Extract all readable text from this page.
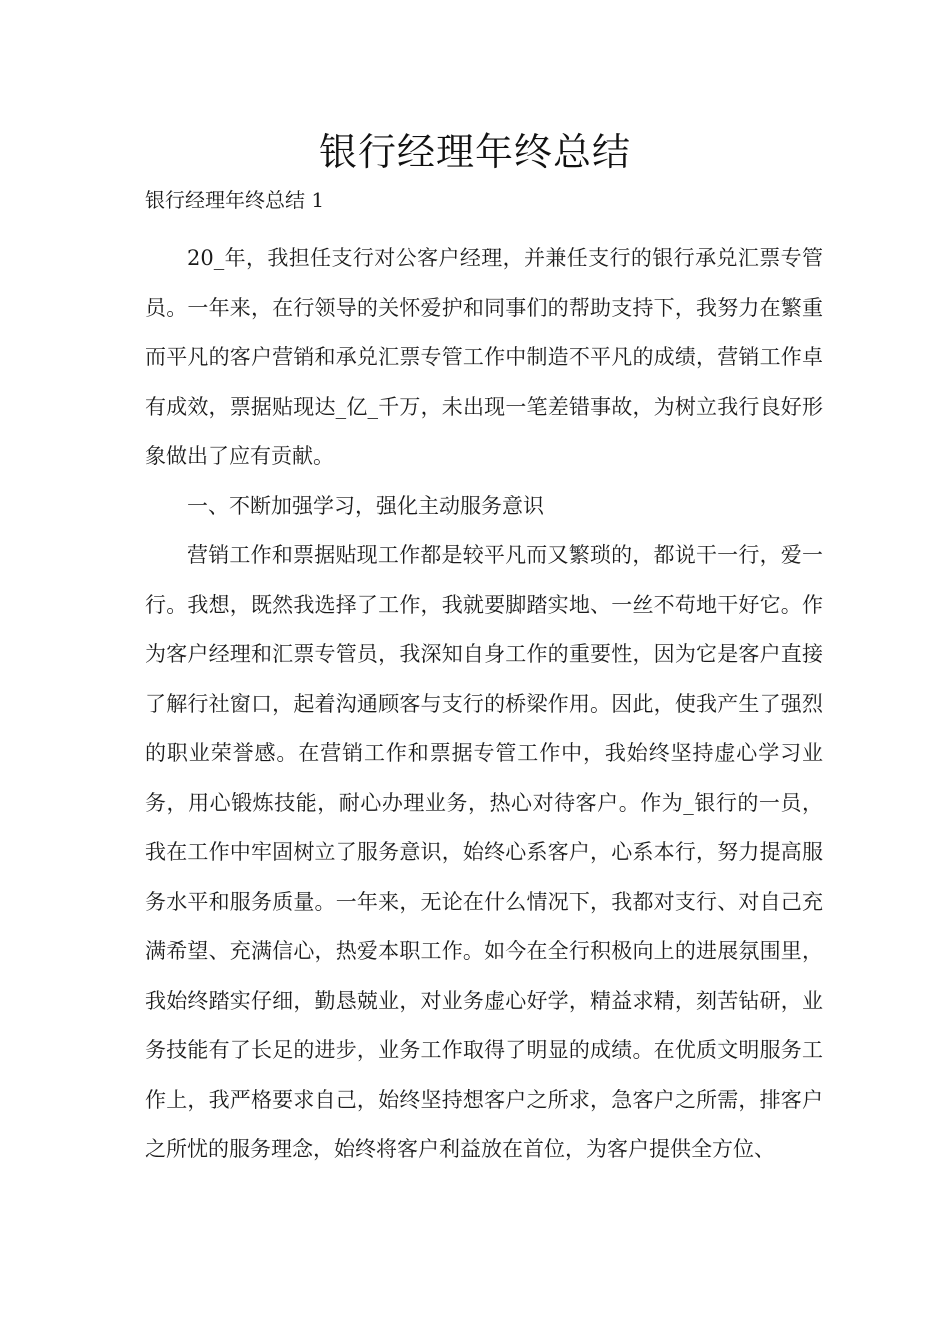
银行经理年终总结
银行经理年终总结 1

20_年，我担任支行对公客户经理，并兼任支行的银行承兑汇票专管员。一年来，在行领导的关怀爱护和同事们的帮助支持下，我努力在繁重而平凡的客户营销和承兑汇票专管工作中制造不平凡的成绩，营销工作卓有成效，票据贴现达_亿_千万，未出现一笔差错事故，为树立我行良好形象做出了应有贡献。

一、不断加强学习，强化主动服务意识

营销工作和票据贴现工作都是较平凡而又繁琐的，都说干一行，爱一行。我想，既然我选择了工作，我就要脚踏实地、一丝不苟地干好它。作为客户经理和汇票专管员，我深知自身工作的重要性，因为它是客户直接了解行社窗口，起着沟通顾客与支行的桥梁作用。因此，使我产生了强烈的职业荣誉感。在营销工作和票据专管工作中，我始终坚持虚心学习业务，用心锻炼技能，耐心办理业务，热心对待客户。作为_银行的一员，我在工作中牢固树立了服务意识，始终心系客户，心系本行，努力提高服务水平和服务质量。一年来，无论在什么情况下，我都对支行、对自己充满希望、充满信心，热爱本职工作。如今在全行积极向上的进展氛围里，我始终踏实仔细，勤恳兢业，对业务虚心好学，精益求精，刻苦钻研，业务技能有了长足的进步，业务工作取得了明显的成绩。在优质文明服务工作上，我严格要求自己，始终坚持想客户之所求，急客户之所需，排客户之所忧的服务理念，始终将客户利益放在首位，为客户提供全方位、
